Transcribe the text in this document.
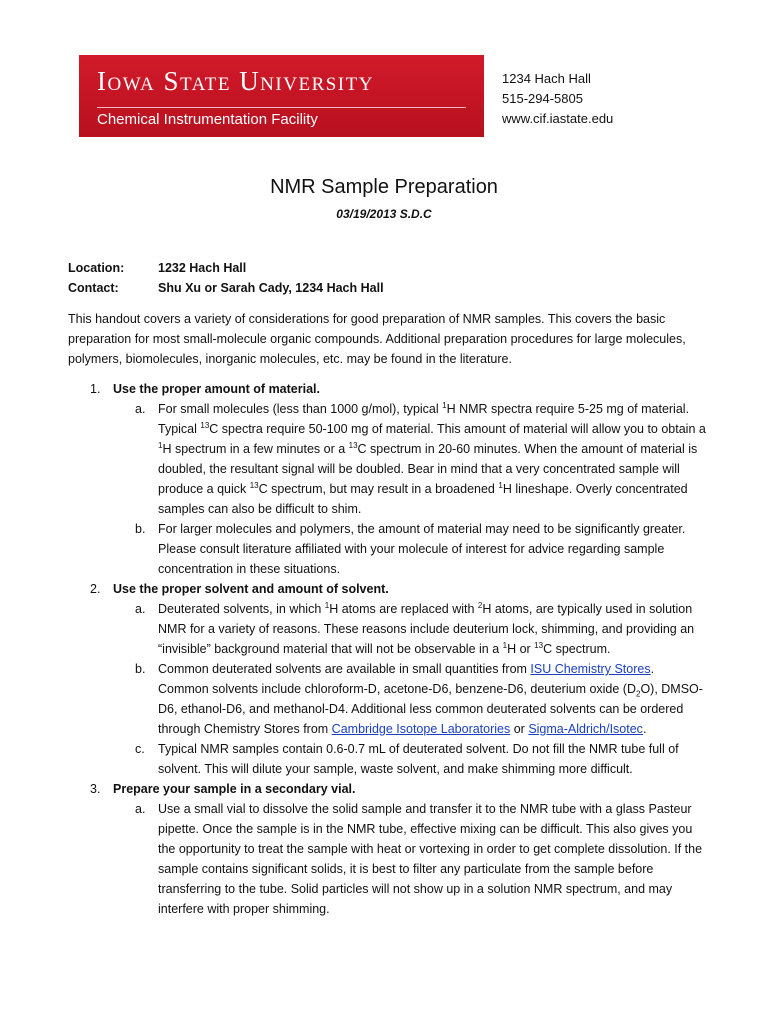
Iowa State University
Chemical Instrumentation Facility
1234 Hach Hall
515-294-5805
www.cif.iastate.edu
NMR Sample Preparation
03/19/2013 S.D.C
Location:	1232 Hach Hall
Contact:	Shu Xu or Sarah Cady, 1234 Hach Hall

This handout covers a variety of considerations for good preparation of NMR samples. This covers the basic preparation for most small-molecule organic compounds. Additional preparation procedures for large molecules, polymers, biomolecules, inorganic molecules, etc. may be found in the literature.

1. Use the proper amount of material.
a. For small molecules (less than 1000 g/mol), typical $^1$H NMR spectra require 5-25 mg of material. Typical $^{13}$C spectra require 50-100 mg of material. This amount of material will allow you to obtain a $^1$H spectrum in a few minutes or a $^{13}$C spectrum in 20-60 minutes. When the amount of material is doubled, the resultant signal will be doubled. Bear in mind that a very concentrated sample will produce a quick $^{13}$C spectrum, but may result in a broadened $^1$H lineshape. Overly concentrated samples can also be difficult to shim.
b. For larger molecules and polymers, the amount of material may need to be significantly greater. Please consult literature affiliated with your molecule of interest for advice regarding sample concentration in these situations.
2. Use the proper solvent and amount of solvent.
a. Deuterated solvents, in which $^1$H atoms are replaced with $^2$H atoms, are typically used in solution NMR for a variety of reasons. These reasons include deuterium lock, shimming, and providing an “invisible” background material that will not be observable in a $^1$H or $^{13}$C spectrum.
b. Common deuterated solvents are available in small quantities from ISU Chemistry Stores. Common solvents include chloroform-D, acetone-D6, benzene-D6, deuterium oxide $(D_2O)$, DMSO-D6, ethanol-D6, and methanol-D4. Additional less common deuterated solvents can be ordered through Chemistry Stores from Cambridge Isotope Laboratories or Sigma-Aldrich/Isotec.
c. Typical NMR samples contain 0.6-0.7 mL of deuterated solvent. Do not fill the NMR tube full of solvent. This will dilute your sample, waste solvent, and make shimming more difficult.
3. Prepare your sample in a secondary vial.
a. Use a small vial to dissolve the solid sample and transfer it to the NMR tube with a glass Pasteur pipette. Once the sample is in the NMR tube, effective mixing can be difficult. This also gives you the opportunity to treat the sample with heat or vortexing in order to get complete dissolution. If the sample contains significant solids, it is best to filter any particulate from the sample before transferring to the tube. Solid particles will not show up in a solution NMR spectrum, and may interfere with proper shimming.
